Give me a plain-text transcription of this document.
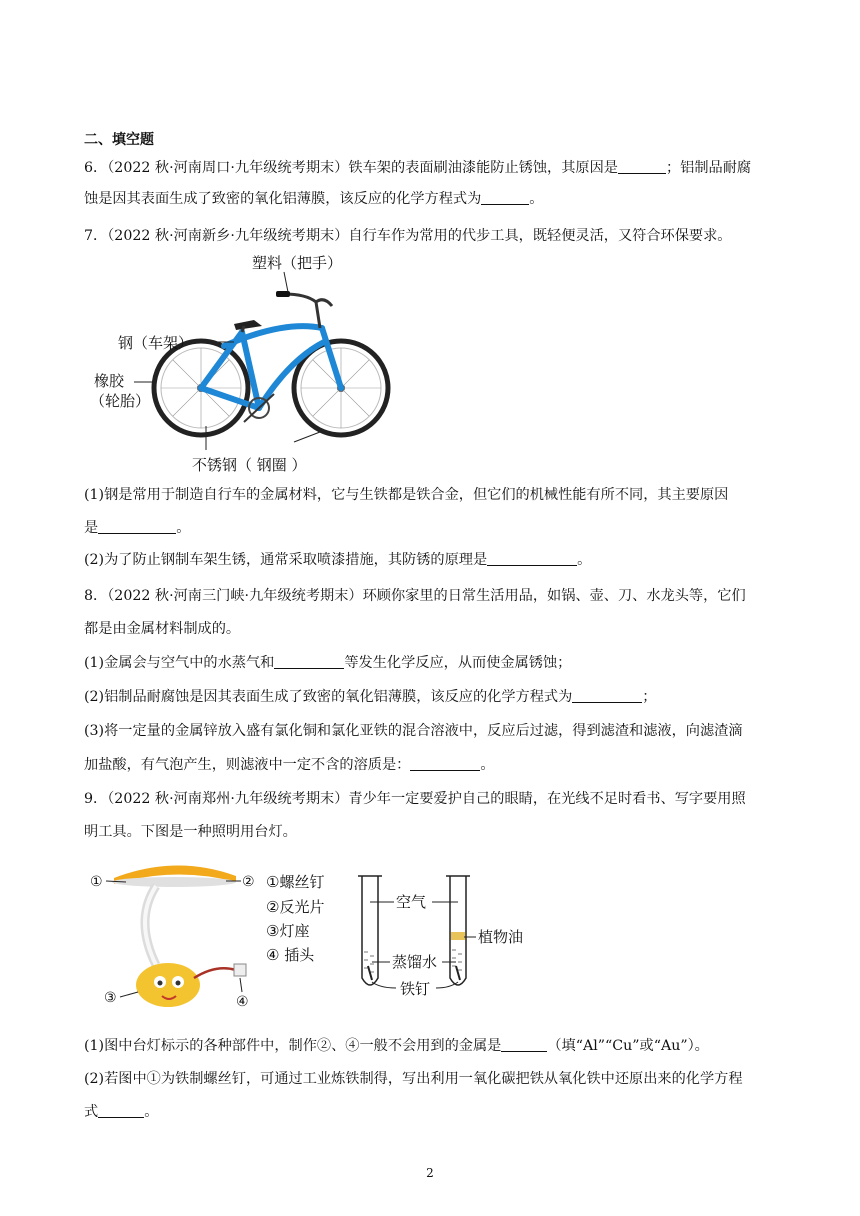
二、填空题
6．（2022 秋·河南周口·九年级统考期末）铁车架的表面刷油漆能防止锈蚀，其原因是	；铝制品耐腐
蚀是因其表面生成了致密的氧化铝薄膜，该反应的化学方程式为	。
7．（2022 秋·河南新乡·九年级统考期末）自行车作为常用的代步工具，既轻便灵活，又符合环保要求。
塑料（把手）
钢（车架）
橡胶
（轮胎）
不锈钢（ 钢圈 ）
(1)钢是常用于制造自行车的金属材料，它与生铁都是铁合金，但它们的机械性能有所不同，其主要原因
是	。
(2)为了防止钢制车架生锈，通常采取喷漆措施，其防锈的原理是	。
8．（2022 秋·河南三门峡·九年级统考期末）环顾你家里的日常生活用品，如锅、壶、刀、水龙头等，它们
都是由金属材料制成的。
(1)金属会与空气中的水蒸气和	等发生化学反应，从而使金属锈蚀；
(2)铝制品耐腐蚀是因其表面生成了致密的氧化铝薄膜，该反应的化学方程式为	；
(3)将一定量的金属锌放入盛有氯化铜和氯化亚铁的混合溶液中，反应后过滤，得到滤渣和滤液，向滤渣滴
加盐酸，有气泡产生，则滤液中一定不含的溶质是：	。
9．（2022 秋·河南郑州·九年级统考期末）青少年一定要爱护自己的眼睛，在光线不足时看书、写字要用照
明工具。下图是一种照明用台灯。
①	②
③	④
①螺丝钉
②反光片
③灯座
④ 插头
空气
植物油
蒸馏水
铁钉
(1)图中台灯标示的各种部件中，制作②、④一般不会用到的金属是	（填“Al”“Cu”或“Au”）。
(2)若图中①为铁制螺丝钉，可通过工业炼铁制得，写出利用一氧化碳把铁从氧化铁中还原出来的化学方程
式	。
2
